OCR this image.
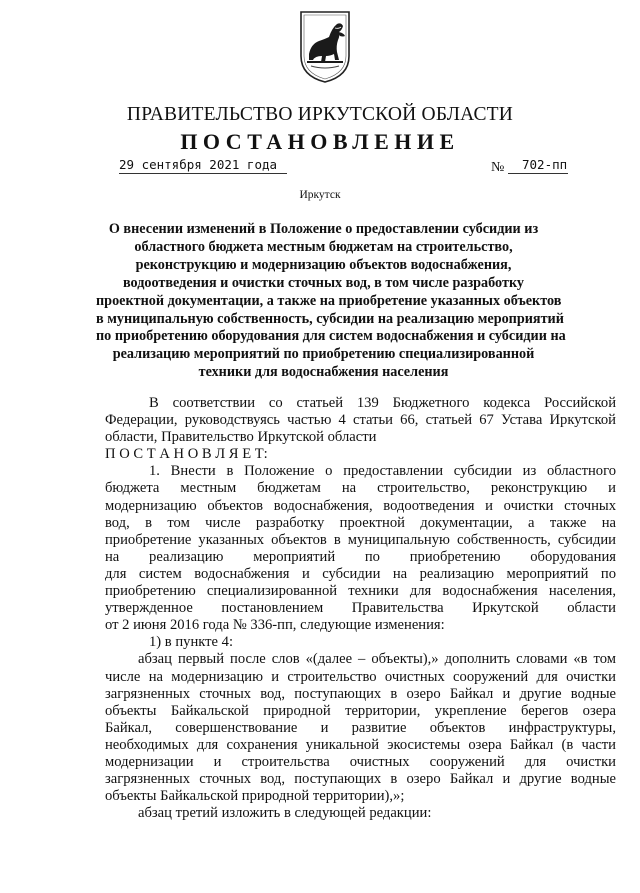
ПРАВИТЕЛЬСТВО ИРКУТСКОЙ ОБЛАСТИ
ПОСТАНОВЛЕНИЕ
29 сентября 2021 года	№	702-пп
Иркутск
О внесении изменений в Положение о предоставлении субсидии из
областного бюджета местным бюджетам на строительство,
реконструкцию и модернизацию объектов водоснабжения,
водоотведения и очистки сточных вод, в том числе разработку
проектной документации, а также на приобретение указанных объектов
в муниципальную собственность, субсидии на реализацию мероприятий
по приобретению оборудования для систем водоснабжения и субсидии на
реализацию мероприятий по приобретению специализированной
техники для водоснабжения населения
В соответствии со статьей 139 Бюджетного кодекса Российской
Федерации, руководствуясь частью 4 статьи 66, статьей 67 Устава Иркутской
области, Правительство Иркутской области
П О С Т А Н О В Л Я Е Т:
1. Внести в Положение о предоставлении субсидии из областного
бюджета местным бюджетам на строительство, реконструкцию и
модернизацию объектов водоснабжения, водоотведения и очистки сточных
вод, в том числе разработку проектной документации, а также на
приобретение указанных объектов в муниципальную собственность, субсидии
на реализацию мероприятий по приобретению оборудования
для систем водоснабжения и субсидии на реализацию мероприятий по
приобретению специализированной техники для водоснабжения населения,
утвержденное постановлением Правительства Иркутской области
от 2 июня 2016 года № 336-пп, следующие изменения:
1) в пункте 4:
абзац первый после слов «(далее – объекты),» дополнить словами «в том
числе на модернизацию и строительство очистных сооружений для очистки
загрязненных сточных вод, поступающих в озеро Байкал и другие водные
объекты Байкальской природной территории, укрепление берегов озера
Байкал, совершенствование и развитие объектов инфраструктуры,
необходимых для сохранения уникальной экосистемы озера Байкал (в части
модернизации и строительства очистных сооружений для очистки
загрязненных сточных вод, поступающих в озеро Байкал и другие водные
объекты Байкальской природной территории),»;
абзац третий изложить в следующей редакции:
